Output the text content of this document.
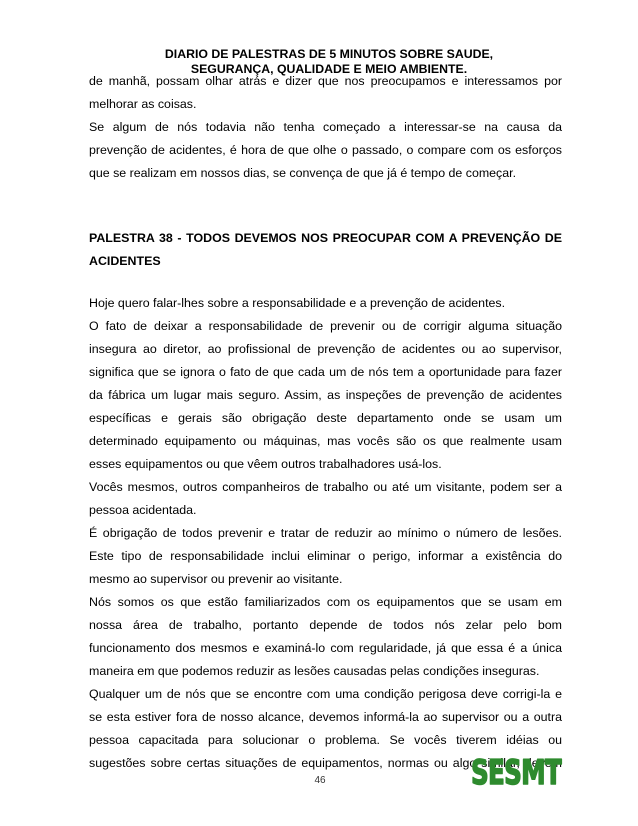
DIARIO DE PALESTRAS DE 5 MINUTOS SOBRE SAUDE,
SEGURANÇA, QUALIDADE E MEIO AMBIENTE.
de manhã, possam olhar atrás e dizer que nos preocupamos e interessamos por
melhorar as coisas.
Se algum de nós todavia não tenha começado a interessar-se na causa da
prevenção de acidentes, é hora de que olhe o passado, o compare com os esforços
que se realizam em nossos dias, se convença de que já é tempo de começar.
PALESTRA 38 - TODOS DEVEMOS NOS PREOCUPAR COM A PREVENÇÃO DE
ACIDENTES
Hoje quero falar-lhes sobre a responsabilidade e a prevenção de acidentes.
O fato de deixar a responsabilidade de prevenir ou de corrigir alguma situação
insegura ao diretor, ao profissional de prevenção de acidentes ou ao supervisor,
significa que se ignora o fato de que cada um de nós tem a oportunidade para fazer
da fábrica um lugar mais seguro. Assim, as inspeções de prevenção de acidentes
específicas e gerais são obrigação deste departamento onde se usam um
determinado equipamento ou máquinas, mas vocês são os que realmente usam
esses equipamentos ou que vêem outros trabalhadores usá-los.
Vocês mesmos, outros companheiros de trabalho ou até um visitante, podem ser a
pessoa acidentada.
É obrigação de todos prevenir e tratar de reduzir ao mínimo o número de lesões.
Este tipo de responsabilidade inclui eliminar o perigo, informar a existência do
mesmo ao supervisor ou prevenir ao visitante.
Nós somos os que estão familiarizados com os equipamentos que se usam em
nossa área de trabalho, portanto depende de todos nós zelar pelo bom
funcionamento dos mesmos e examiná-lo com regularidade, já que essa é a única
maneira em que podemos reduzir as lesões causadas pelas condições inseguras.
Qualquer um de nós que se encontre com uma condição perigosa deve corrigi-la e
se esta estiver fora de nosso alcance, devemos informá-la ao supervisor ou a outra
pessoa capacitada para solucionar o problema. Se vocês tiverem idéias ou
sugestões sobre certas situações de equipamentos, normas ou algo similar, devem
46	SESMT
